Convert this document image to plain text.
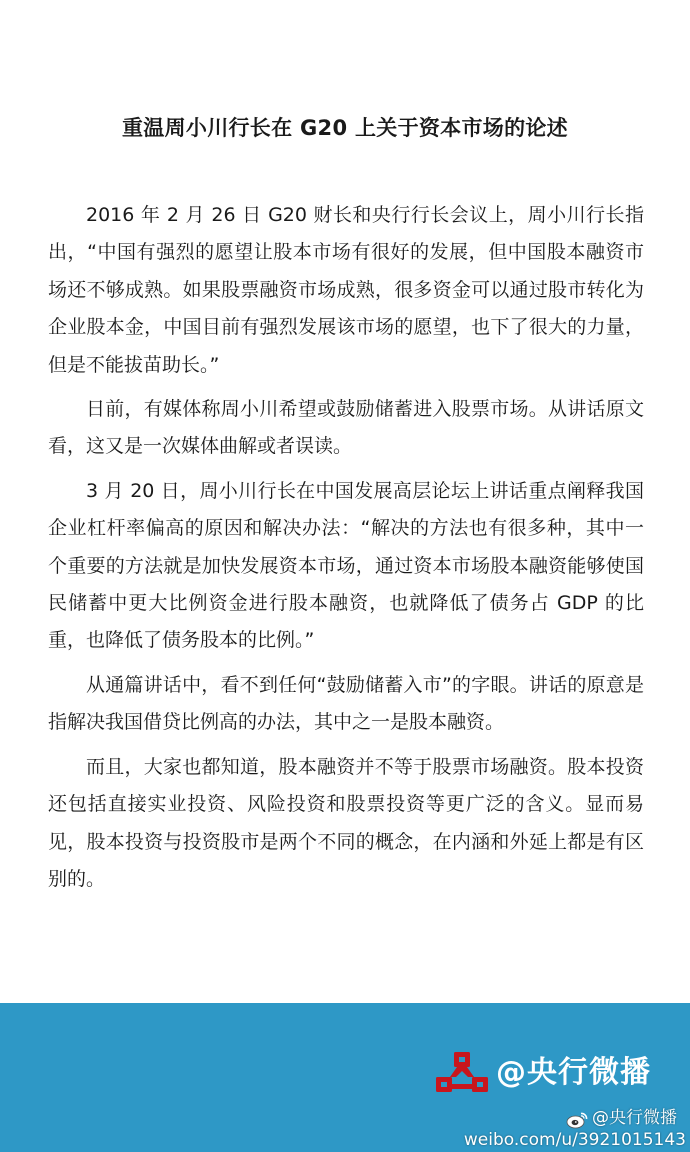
重温周小川行长在 G20 上关于资本市场的论述

2016 年 2 月 26 日 G20 财长和央行行长会议上，周小川行长指出，“中国有强烈的愿望让股本市场有很好的发展，但中国股本融资市场还不够成熟。如果股票融资市场成熟，很多资金可以通过股市转化为企业股本金，中国目前有强烈发展该市场的愿望，也下了很大的力量，但是不能拔苗助长。”

日前，有媒体称周小川希望或鼓励储蓄进入股票市场。从讲话原文看，这又是一次媒体曲解或者误读。

3 月 20 日，周小川行长在中国发展高层论坛上讲话重点阐释我国企业杠杆率偏高的原因和解决办法：“解决的方法也有很多种，其中一个重要的方法就是加快发展资本市场，通过资本市场股本融资能够使国民储蓄中更大比例资金进行股本融资，也就降低了债务占 GDP 的比重，也降低了债务股本的比例。”

从通篇讲话中，看不到任何“鼓励储蓄入市”的字眼。讲话的原意是指解决我国借贷比例高的办法，其中之一是股本融资。

而且，大家也都知道，股本融资并不等于股票市场融资。股本投资还包括直接实业投资、风险投资和股票投资等更广泛的含义。显而易见，股本投资与投资股市是两个不同的概念，在内涵和外延上都是有区别的。

@央行微播
@央行微播
weibo.com/u/3921015143
